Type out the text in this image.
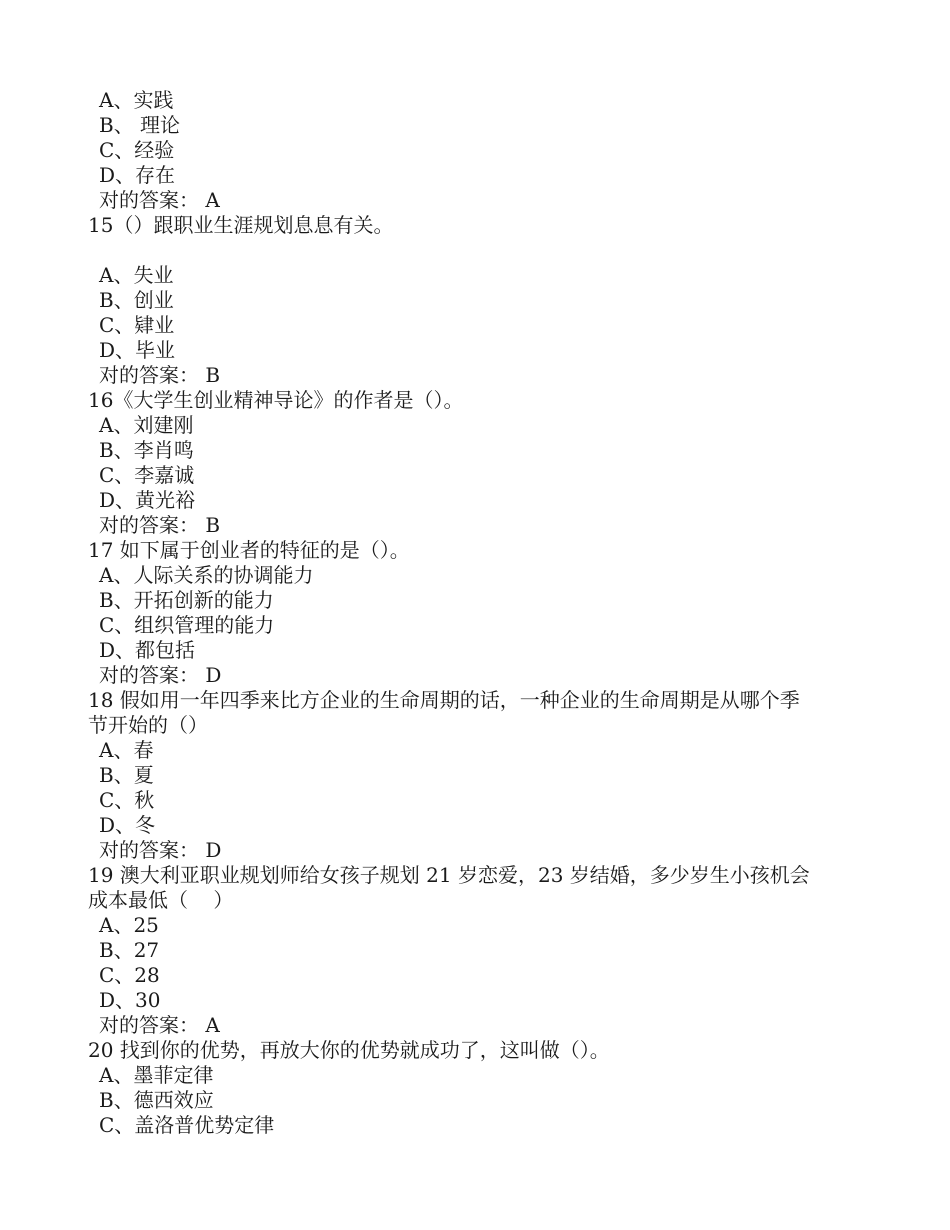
A、实践
B、 理论
C、经验
D、存在
对的答案： A
15（）跟职业生涯规划息息有关。
A、失业
B、创业
C、肄业
D、毕业
对的答案： B
16《大学生创业精神导论》的作者是（）。
A、刘建刚
B、李肖鸣
C、李嘉诚
D、黄光裕
对的答案： B
17 如下属于创业者的特征的是（）。
A、人际关系的协调能力
B、开拓创新的能力
C、组织管理的能力
D、都包括
对的答案： D
18 假如用一年四季来比方企业的生命周期的话，一种企业的生命周期是从哪个季
节开始的（）
A、春
B、夏
C、秋
D、冬
对的答案： D
19 澳大利亚职业规划师给女孩子规划 21 岁恋爱，23 岁结婚，多少岁生小孩机会
成本最低（    ）
A、25
B、27
C、28
D、30
对的答案： A
20 找到你的优势，再放大你的优势就成功了，这叫做（）。
A、墨菲定律
B、德西效应
C、盖洛普优势定律
